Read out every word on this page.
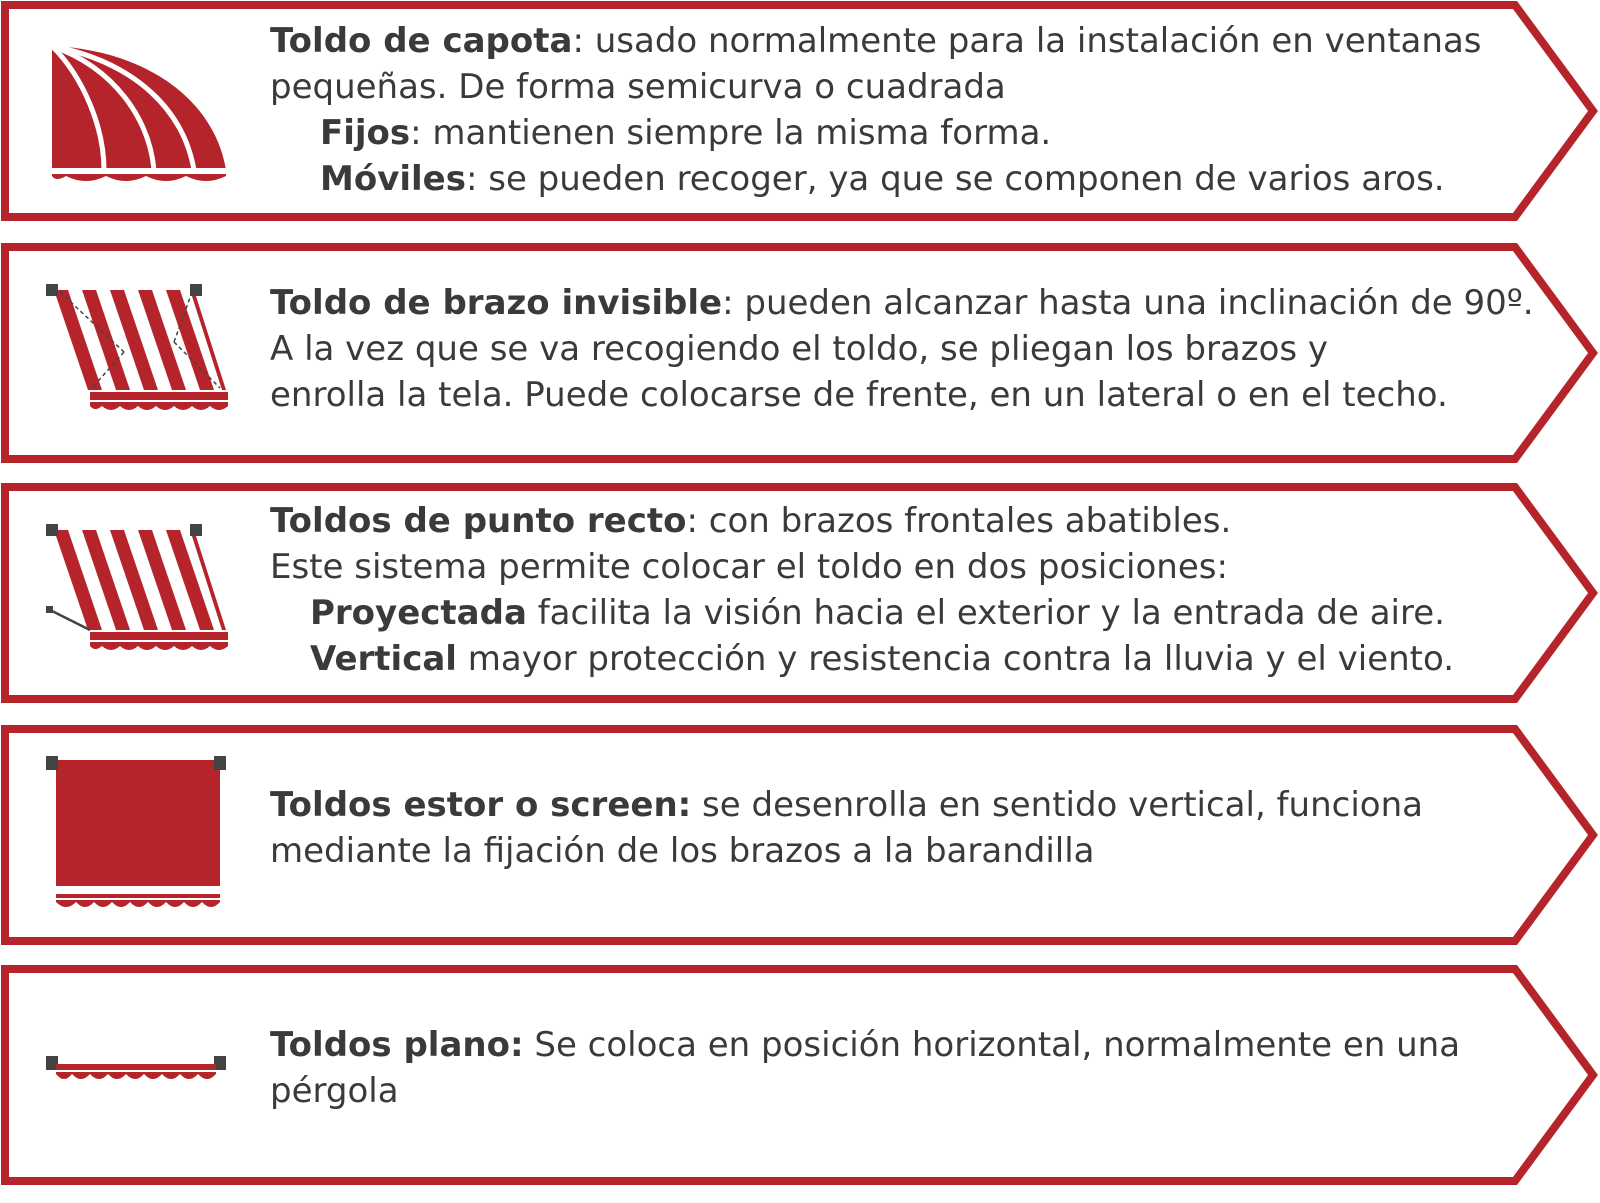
Toldo de capota: usado normalmente para la instalación en ventanas
pequeñas. De forma semicurva o cuadrada
Fijos: mantienen siempre la misma forma.
Móviles: se pueden recoger, ya que se componen de varios aros.
Toldo de brazo invisible: pueden alcanzar hasta una inclinación de 90º.
A la vez que se va recogiendo el toldo, se pliegan los brazos y
enrolla la tela. Puede colocarse de frente, en un lateral o en el techo.
Toldos de punto recto: con brazos frontales abatibles.
Este sistema permite colocar el toldo en dos posiciones:
Proyectada facilita la visión hacia el exterior y la entrada de aire.
Vertical mayor protección y resistencia contra la lluvia y el viento.
Toldos estor o screen: se desenrolla en sentido vertical, funciona
mediante la fijación de los brazos a la barandilla
Toldos plano: Se coloca en posición horizontal, normalmente en una
pérgola
